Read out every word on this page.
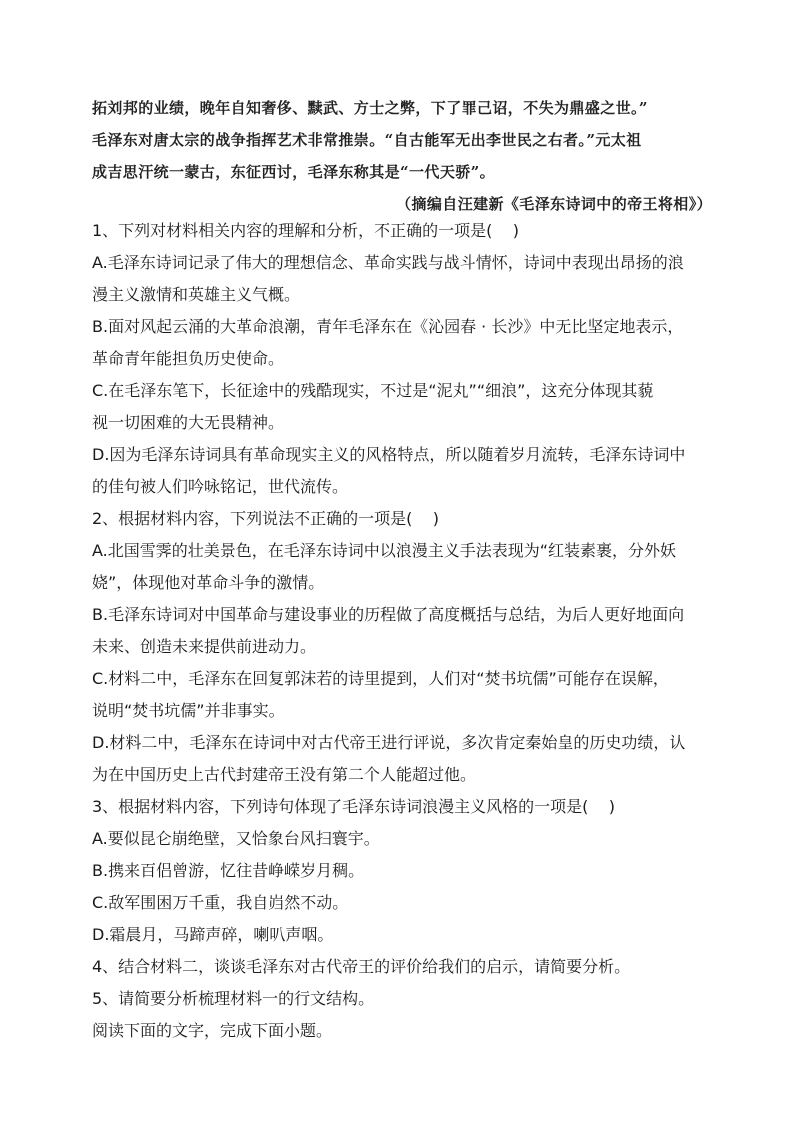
拓刘邦的业绩，晚年自知奢侈、黩武、方士之弊，下了罪己诏，不失为鼎盛之世。”
毛泽东对唐太宗的战争指挥艺术非常推崇。“自古能军无出李世民之右者。”元太祖
成吉思汗统一蒙古，东征西讨，毛泽东称其是“一代天骄”。
（摘编自汪建新《毛泽东诗词中的帝王将相》）
1、下列对材料相关内容的理解和分析，不正确的一项是(    )
A.毛泽东诗词记录了伟大的理想信念、革命实践与战斗情怀，诗词中表现出昂扬的浪
漫主义激情和英雄主义气概。
B.面对风起云涌的大革命浪潮，青年毛泽东在《沁园春 · 长沙》中无比坚定地表示，
革命青年能担负历史使命。
C.在毛泽东笔下，长征途中的残酷现实，不过是“泥丸”“细浪”，这充分体现其藐
视一切困难的大无畏精神。
D.因为毛泽东诗词具有革命现实主义的风格特点，所以随着岁月流转，毛泽东诗词中
的佳句被人们吟咏铭记，世代流传。
2、根据材料内容，下列说法不正确的一项是(    )
A.北国雪霁的壮美景色，在毛泽东诗词中以浪漫主义手法表现为“红装素裹，分外妖
娆”，体现他对革命斗争的激情。
B.毛泽东诗词对中国革命与建设事业的历程做了高度概括与总结，为后人更好地面向
未来、创造未来提供前进动力。
C.材料二中，毛泽东在回复郭沫若的诗里提到，人们对“焚书坑儒”可能存在误解，
说明“焚书坑儒”并非事实。
D.材料二中，毛泽东在诗词中对古代帝王进行评说，多次肯定秦始皇的历史功绩，认
为在中国历史上古代封建帝王没有第二个人能超过他。
3、根据材料内容，下列诗句体现了毛泽东诗词浪漫主义风格的一项是(    )
A.要似昆仑崩绝壁，又恰象台风扫寰宇。
B.携来百侣曾游，忆往昔峥嵘岁月稠。
C.敌军围困万千重，我自岿然不动。
D.霜晨月，马蹄声碎，喇叭声咽。
4、结合材料二，谈谈毛泽东对古代帝王的评价给我们的启示，请简要分析。
5、请简要分析梳理材料一的行文结构。
阅读下面的文字，完成下面小题。
